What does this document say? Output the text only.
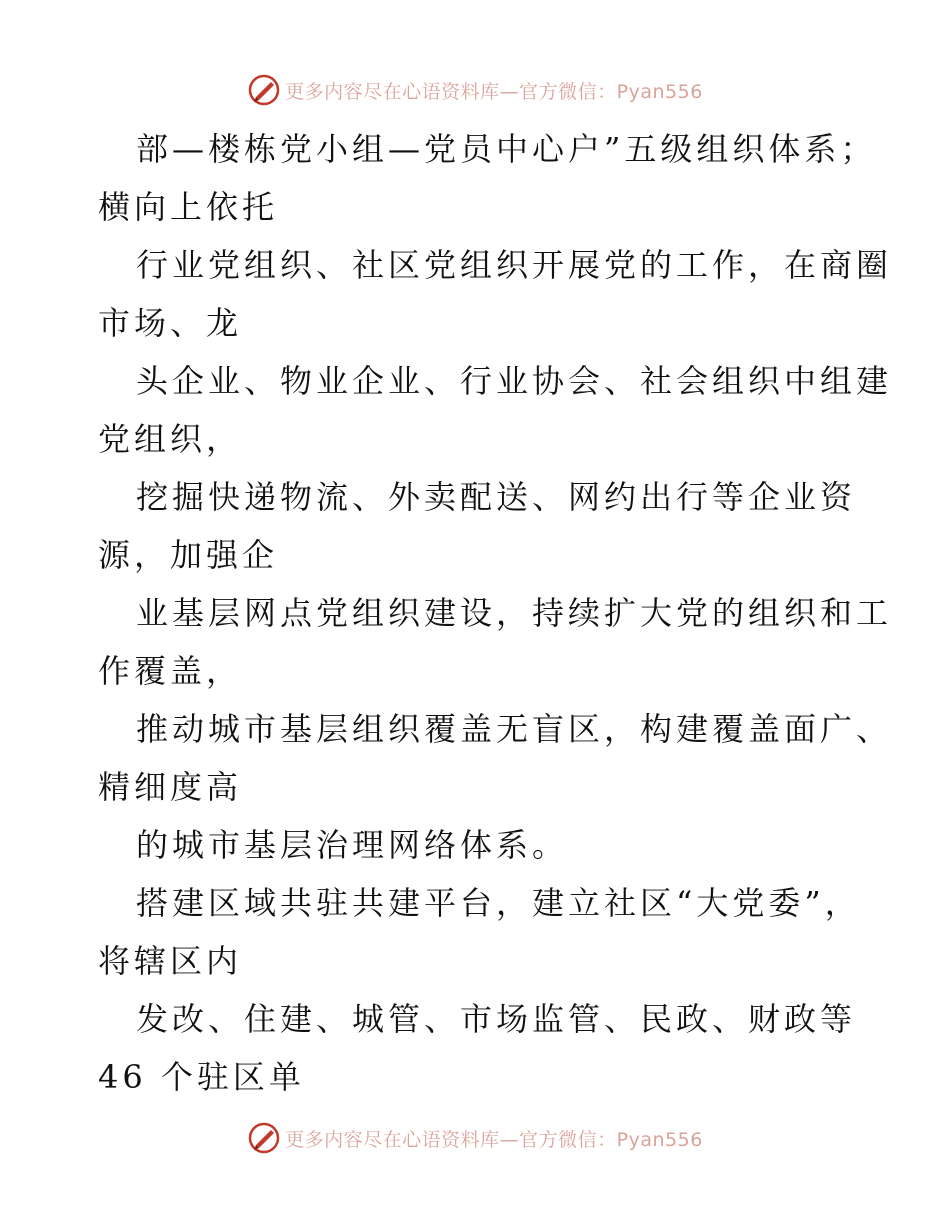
更多内容尽在心语资料库—官方微信：Pyan556
部—楼栋党小组—党员中心户”五级组织体系；
横向上依托
行业党组织、社区党组织开展党的工作，在商圈
市场、龙
头企业、物业企业、行业协会、社会组织中组建
党组织，
挖掘快递物流、外卖配送、网约出行等企业资
源，加强企
业基层网点党组织建设，持续扩大党的组织和工
作覆盖，
推动城市基层组织覆盖无盲区，构建覆盖面广、
精细度高
的城市基层治理网络体系。
搭建区域共驻共建平台，建立社区“大党委”，
将辖区内
发改、住建、城管、市场监管、民政、财政等
46 个驻区单
更多内容尽在心语资料库—官方微信：Pyan556
